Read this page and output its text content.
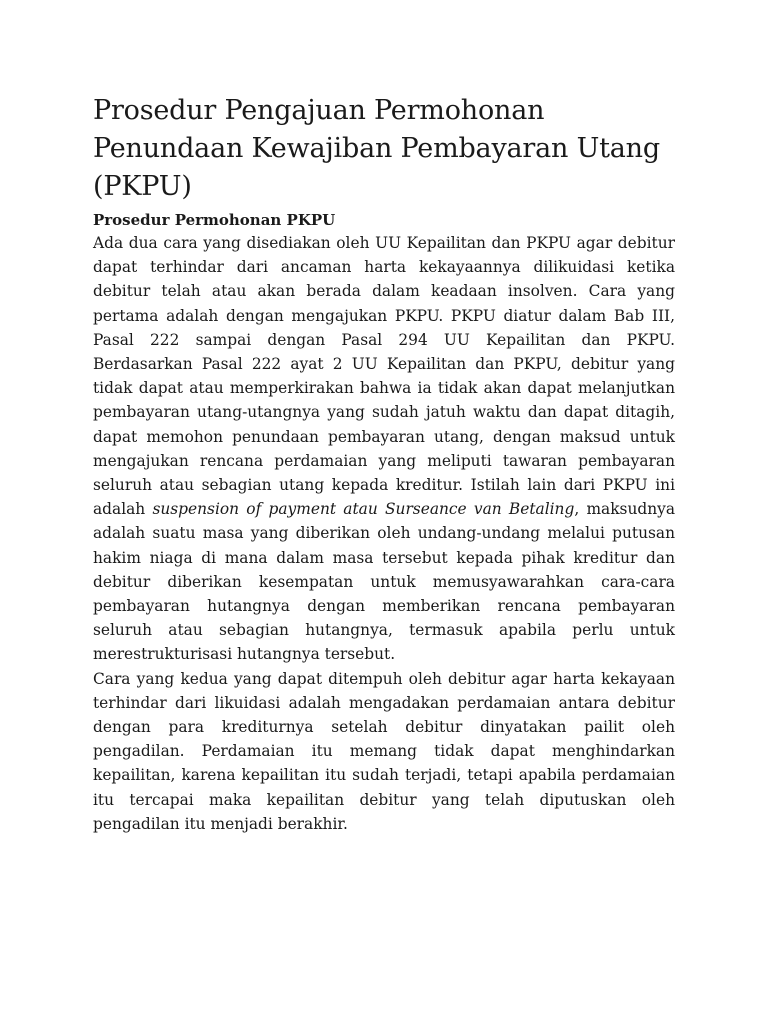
Prosedur Pengajuan Permohonan Penundaan Kewajiban Pembayaran Utang (PKPU)
Prosedur Permohonan PKPU

Ada dua cara yang disediakan oleh UU Kepailitan dan PKPU agar debitur dapat terhindar dari ancaman harta kekayaannya dilikuidasi ketika debitur telah atau akan berada dalam keadaan insolven. Cara yang pertama adalah dengan mengajukan PKPU. PKPU diatur dalam Bab III, Pasal 222 sampai dengan Pasal 294 UU Kepailitan dan PKPU. Berdasarkan Pasal 222 ayat 2 UU Kepailitan dan PKPU, debitur yang tidak dapat atau memperkirakan bahwa ia tidak akan dapat melanjutkan pembayaran utang-utangnya yang sudah jatuh waktu dan dapat ditagih, dapat memohon penundaan pembayaran utang, dengan maksud untuk mengajukan rencana perdamaian yang meliputi tawaran pembayaran seluruh atau sebagian utang kepada kreditur. Istilah lain dari PKPU ini adalah suspension of payment atau Surseance van Betaling, maksudnya adalah suatu masa yang diberikan oleh undang-undang melalui putusan hakim niaga di mana dalam masa tersebut kepada pihak kreditur dan debitur diberikan kesempatan untuk memusyawarahkan cara-cara pembayaran hutangnya dengan memberikan rencana pembayaran seluruh atau sebagian hutangnya, termasuk apabila perlu untuk merestrukturisasi hutangnya tersebut.

Cara yang kedua yang dapat ditempuh oleh debitur agar harta kekayaan terhindar dari likuidasi adalah mengadakan perdamaian antara debitur dengan para krediturnya setelah debitur dinyatakan pailit oleh pengadilan. Perdamaian itu memang tidak dapat menghindarkan kepailitan, karena kepailitan itu sudah terjadi, tetapi apabila perdamaian itu tercapai maka kepailitan debitur yang telah diputuskan oleh pengadilan itu menjadi berakhir.
